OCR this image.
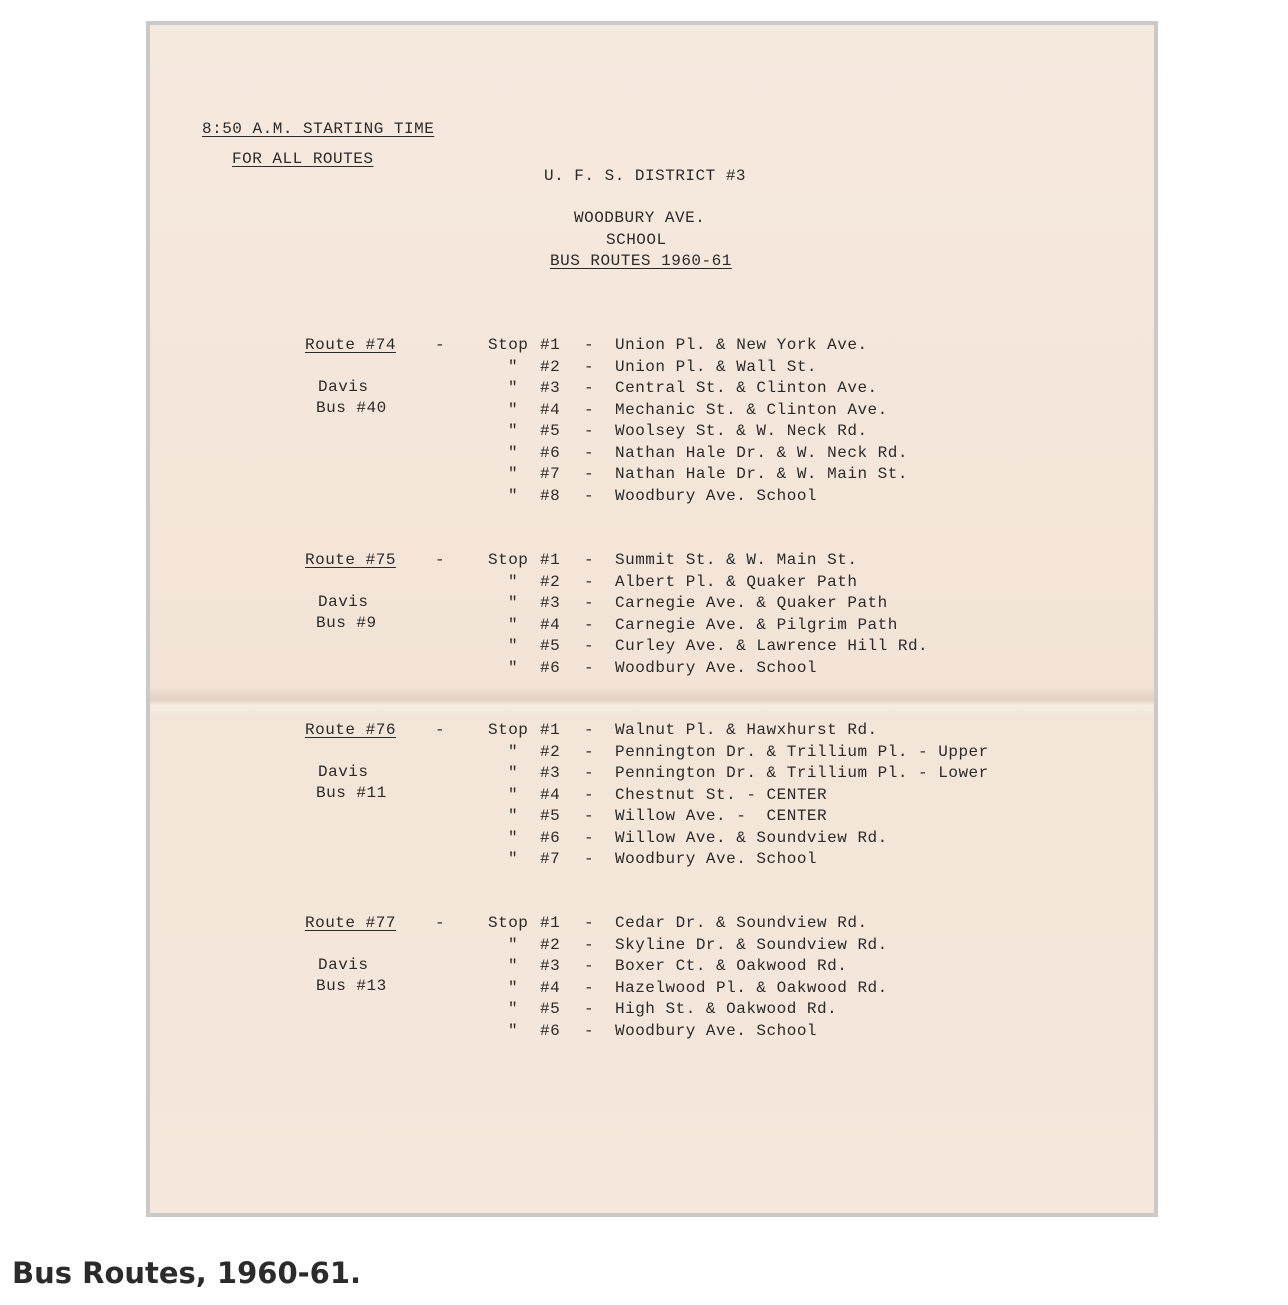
8:50 A.M. STARTING TIME
FOR ALL ROUTES
U. F. S. DISTRICT #3
WOODBURY AVE.
SCHOOL
BUS ROUTES 1960-61
Route #74 -
Davis
Bus #40
Stop #1 - Union Pl. & New York Ave.
" #2 - Union Pl. & Wall St.
" #3 - Central St. & Clinton Ave.
" #4 - Mechanic St. & Clinton Ave.
" #5 - Woolsey St. & W. Neck Rd.
" #6 - Nathan Hale Dr. & W. Neck Rd.
" #7 - Nathan Hale Dr. & W. Main St.
" #8 - Woodbury Ave. School
Route #75 -
Davis
Bus #9
Stop #1 - Summit St. & W. Main St.
" #2 - Albert Pl. & Quaker Path
" #3 - Carnegie Ave. & Quaker Path
" #4 - Carnegie Ave. & Pilgrim Path
" #5 - Curley Ave. & Lawrence Hill Rd.
" #6 - Woodbury Ave. School
Route #76 -
Davis
Bus #11
Stop #1 - Walnut Pl. & Hawxhurst Rd.
" #2 - Pennington Dr. & Trillium Pl. - Upper
" #3 - Pennington Dr. & Trillium Pl. - Lower
" #4 - Chestnut St. - CENTER
" #5 - Willow Ave. -  CENTER
" #6 - Willow Ave. & Soundview Rd.
" #7 - Woodbury Ave. School
Route #77 -
Davis
Bus #13
Stop #1 - Cedar Dr. & Soundview Rd.
" #2 - Skyline Dr. & Soundview Rd.
" #3 - Boxer Ct. & Oakwood Rd.
" #4 - Hazelwood Pl. & Oakwood Rd.
" #5 - High St. & Oakwood Rd.
" #6 - Woodbury Ave. School
Bus Routes, 1960-61.
